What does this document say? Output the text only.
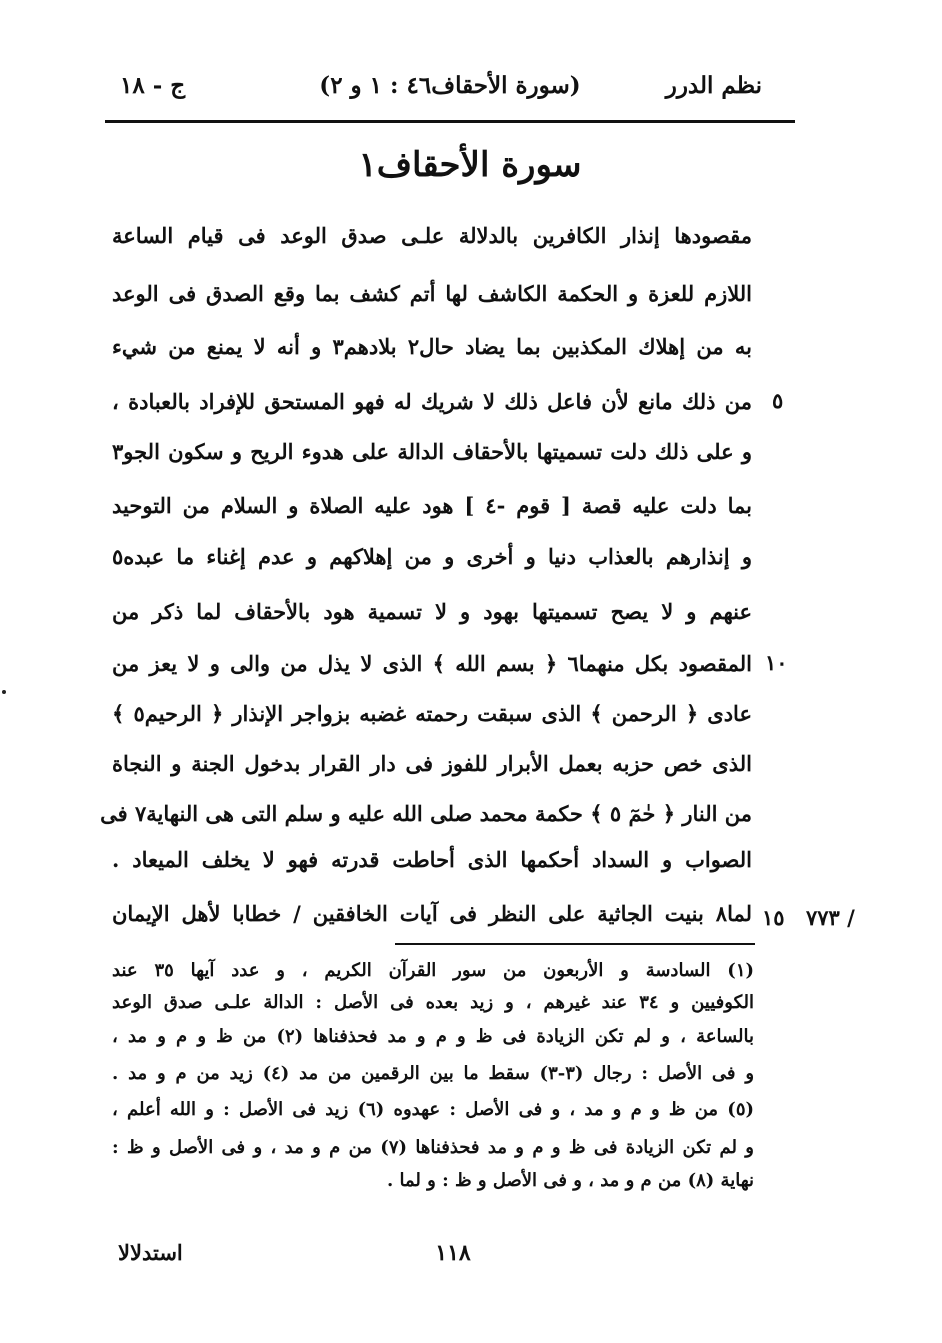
نظم الدرر
(سورة الأحقاف٤٦ : ١ و ٢)
ج - ١٨
سورة الأحقاف١
مقصودها إنذار الكافرين بالدلالة علـى صدق الوعد فى قيام الساعة
اللازم للعزة و الحكمة الكاشف لها أتم كشف بما وقع الصدق فى الوعد
به من إهلاك المكذبين بما يضاد حال٢ بلادهم٣ و أنه لا يمنع من شيء
من ذلك مانع لأن فاعل ذلك لا شريك له فهو المستحق للإفراد بالعبادة ،
و على ذلك دلت تسميتها بالأحقاف الدالة على هدوء الريح و سكون الجو٣
بما دلت عليه قصة [ قوم -٤ ] هود عليه الصلاة و السلام من التوحيد
و إنذارهم بالعذاب دنيا و أخرى و من إهلاكهم و عدم إغناء ما عبده٥
عنهم و لا يصح تسميتها بهود و لا تسمية هود بالأحقاف لما ذكر من
المقصود بكل منهما٦ ﴿ بسم الله ﴾ الذى لا يذل من والى و لا يعز من
عادى ﴿ الرحمن ﴾ الذى سبقت رحمته غضبه بزواجر الإنذار ﴿ الرحيم٥ ﴾
الذى خص حزبه بعمل الأبرار للفوز فى دار القرار بدخول الجنة و النجاة
من النار ﴿ حٰمٓ ٥ ﴾ حكمة محمد صلى الله عليه و سلم التى هى النهاية٧ فى
الصواب و السداد أحكمها الذى أحاطت قدرته فهو لا يخلف الميعاد .
لما٨ بنيت الجاثية على النظر فى آيات الخافقين / خطابا لأهل الإيمان
٥
١٠
١٥ ٧٧٣ /
(١) السادسة و الأربعون من سور القرآن الكريم ، و عدد آيها ٣٥ عند
الكوفيين و ٣٤ عند غيرهم ، و زيد بعده فى الأصل : الدالة علـى صدق الوعد
بالساعة ، و لم تكن الزيادة فى ظ و م و مد فحذفناها (٢) من ظ و م و مد ،
و فى الأصل : رجال (٣-٣) سقط ما بين الرقمين من مد (٤) زيد من م و مد .
(٥) من ظ و م و مد ، و فى الأصل : عهدوه (٦) زيد فى الأصل : و الله أعلم ،
و لم تكن الزيادة فى ظ و م و مد فحذفناها (٧) من م و مد ، و فى الأصل و ظ :
نهاية (٨) من م و مد ، و فى الأصل و ظ : و لما .
١١٨
استدلالا
